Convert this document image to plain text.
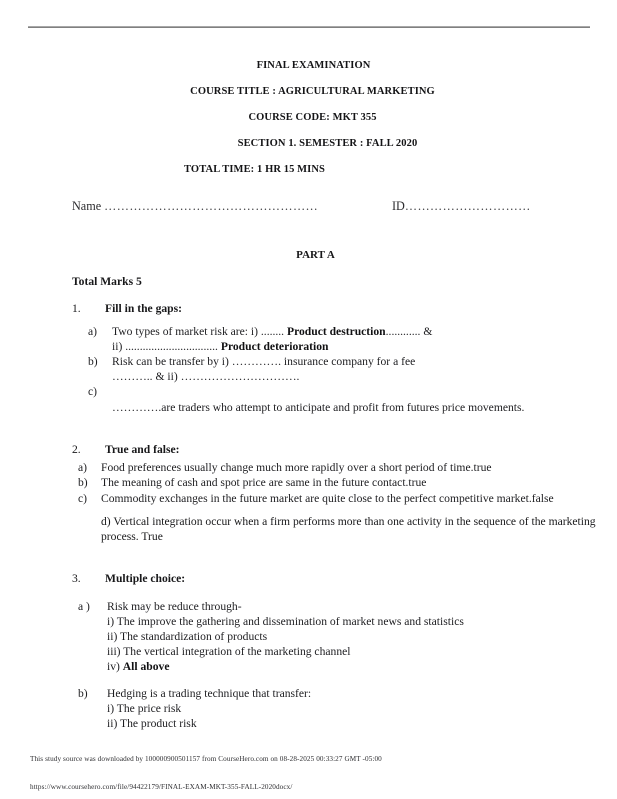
FINAL EXAMINATION
COURSE TITLE : AGRICULTURAL MARKETING
COURSE CODE: MKT 355
SECTION 1. SEMESTER : FALL 2020
TOTAL TIME: 1 HR 15 MINS
Name ……………………………………………	ID…………………………
PART A
Total Marks 5
1. Fill in the gaps:
a) Two types of market risk are: i) ........ Product destruction............ &
ii) ................................ Product deterioration
b) Risk can be transfer by i) …………. insurance company for a fee
……….. & ii) ………………………….
c)

………….are traders who attempt to anticipate and profit from futures price movements.
2. True and false:
a) Food preferences usually change much more rapidly over a short period of time.true
b) The meaning of cash and spot price are same in the future contact.true
c) Commodity exchanges in the future market are quite close to the perfect competitive market.false
d) Vertical integration occur when a firm performs more than one activity in the sequence of the marketing process. True
3. Multiple choice:
a ) Risk may be reduce through-
i) The improve the gathering and dissemination of market news and statistics
ii) The standardization of products
iii) The vertical integration of the marketing channel
iv) All above
b) Hedging is a trading technique that transfer:
i) The price risk
ii) The product risk
This study source was downloaded by 100000900501157 from CourseHero.com on 08-28-2025 00:33:27 GMT -05:00
https://www.coursehero.com/file/94422179/FINAL-EXAM-MKT-355-FALL-2020docx/
